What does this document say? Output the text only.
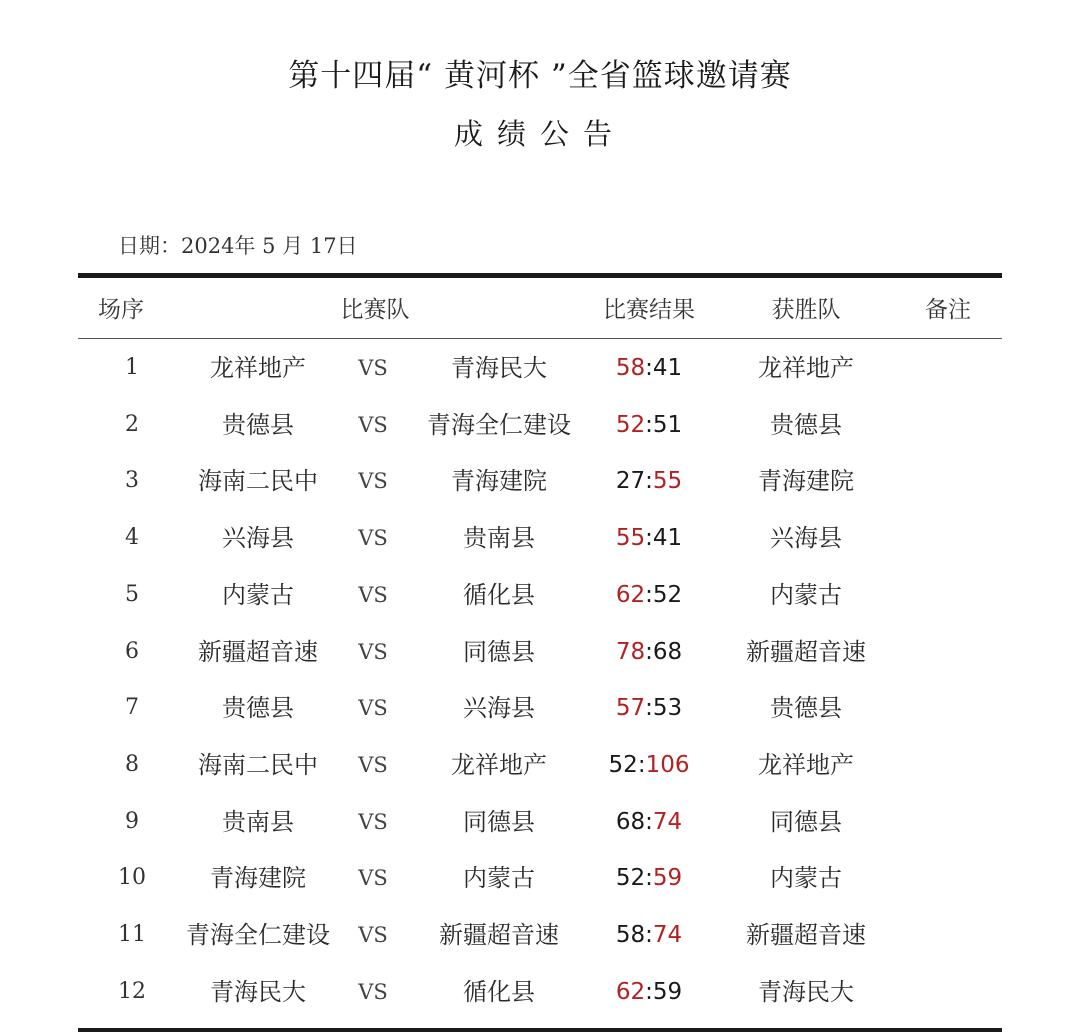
第十四届“ 黄河杯 ”全省篮球邀请赛
成绩公告
日期：2024年 5 月 17日
场序	比赛队	比赛结果	获胜队	备注
1	龙祥地产	VS	青海民大	58:41	龙祥地产
2	贵德县	VS	青海全仁建设	52:51	贵德县
3	海南二民中	VS	青海建院	27:55	青海建院
4	兴海县	VS	贵南县	55:41	兴海县
5	内蒙古	VS	循化县	62:52	内蒙古
6	新疆超音速	VS	同德县	78:68	新疆超音速
7	贵德县	VS	兴海县	57:53	贵德县
8	海南二民中	VS	龙祥地产	52:106	龙祥地产
9	贵南县	VS	同德县	68:74	同德县
10	青海建院	VS	内蒙古	52:59	内蒙古
11	青海全仁建设	VS	新疆超音速	58:74	新疆超音速
12	青海民大	VS	循化县	62:59	青海民大
